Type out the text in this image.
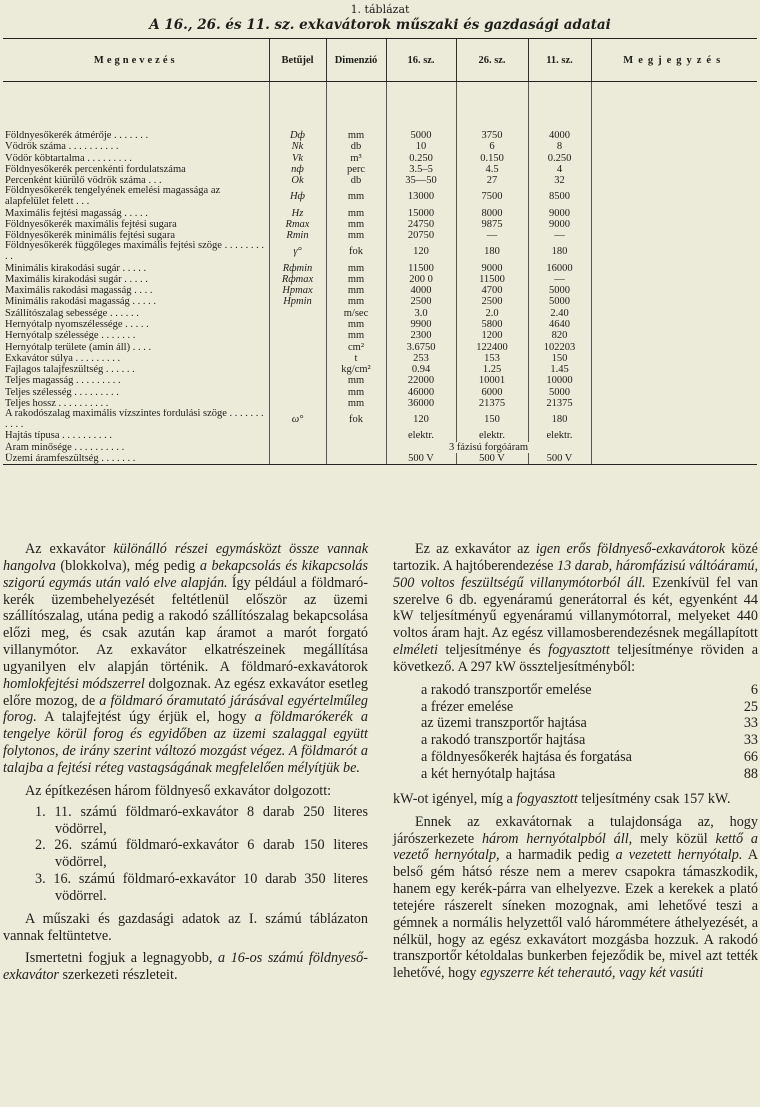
1. táblázat
A 16., 26. és 11. sz. exkavátorok műszaki és gazdasági adatai
Megnevezés	Betűjel	Dimenzió	16. sz.	26. sz.	11. sz.	Megjegyzés

Földnyesőkerék átmérője . . . . . . .	Dф	mm	5000	3750	4000	
Vödrök száma . . . . . . . . . .	Nk	db	10	6	8	
Vödör köbtartalma . . . . . . . . .	Vk	m³	0.250	0.150	0.250	
Földnyesőkerék percenkénti fordulatszáma	nф	perc	3.5–5	4.5	4	
Percenként kiürülő vödrök száma . . .	Ok	db	35—50	27	32	
Földnyesőkerék tengelyének emelési magassága az alapfelület felett . . .	Hф	mm	13000	7500	8500	
Maximális fejtési magasság . . . . .	Hz	mm	15000	8000	9000	
Földnyesőkerék maximális fejtési sugara	Rmax	mm	24750	9875	9000	
Földnyesőkerék minimális fejtési sugara	Rmin	mm	20750	—	—	
Földnyesőkerék függőleges maximális fejtési szöge . . . . . . . . . .	γ°	fok	120	180	180	
Minimális kirakodási sugár . . . . .	Rфmin	mm	11500	9000	16000	
Maximális kirakodási sugár . . . . .	Rфmax	mm	200 0	11500	—	
Maximális rakodási magasság . . . .	Hpmax	mm	4000	4700	5000	
Minimális rakodási magasság . . . . .	Hpmin	mm	2500	2500	5000	
Szállítószalag sebessége . . . . . .		m/sec	3.0	2.0	2.40	
Hernyótalp nyomszélessége . . . . .		mm	9900	5800	4640	
Hernyótalp szélessége . . . . . . .		mm	2300	1200	820	
Hernyótalp területe (amin áll) . . . .		cm²	3.6750	122400	102203	
Exkavátor súlya . . . . . . . . .		t	253	153	150	
Fajlagos talajfeszültség . . . . . .		kg/cm²	0.94	1.25	1.45	
Teljes magasság . . . . . . . . .		mm	22000	10001	10000	
Teljes szélesség . . . . . . . . .		mm	46000	6000	5000	
Teljes hossz . . . . . . . . . .		mm	36000	21375	21375	
A rakodószalag maximális vízszintes fordulási szöge . . . . . . . . . . .	ω°	fok	120	150	180	
Hajtás típusa . . . . . . . . . .			elektr.	elektr.	elektr.	
Áram minősége . . . . . . . . . .			3 fázisú forgóáram			
Üzemi áramfeszültség . . . . . . .			500 V	500 V	500 V	

Az exkavátor különálló részei egymásközt össze vannak hangolva (blokkolva), még pedig a bekapcsolás és kikapcsolás szigorú egymás után való elve alapján. Így például a földmaró-kerék üzembehelyezését feltétlenül először az üzemi szállítószalag, utána pedig a rakodó szállítószalag bekapcsolása előzi meg, és csak azután kap áramot a marót forgató villanymótor. Az exkavátor elkatrészeinek megállítása ugyanilyen elv alapján történik. A földmaró-exkavátorok homlokfejtési módszerrel dolgoznak. Az egész exkavátor esetleg előre mozog, de a földmaró óramutató járásával egyértelműleg forog. A talajfejtést úgy érjük el, hogy a földmarókerék a tengelye körül forog és egyidőben az üzemi szalaggal együtt folytonos, de irány szerint változó mozgást végez. A földmarót a talajba a fejtési réteg vastagságának megfelelően mélyítjük be.

Az építkezésen három földnyeső exkavátor dolgozott:

1. 11. számú földmaró-exkavátor 8 darab 250 literes vödörrel,
2. 26. számú földmaró-exkavátor 6 darab 150 literes vödörrel,
3. 16. számú földmaró-exkavátor 10 darab 350 literes vödörrel.

A műszaki és gazdasági adatok az I. számú táblázaton vannak feltüntetve.

Ismertetni fogjuk a legnagyobb, a 16-os számú földnyeső-exkavátor szerkezeti részleteit.

Ez az exkavátor az igen erős földnyeső-exkavátorok közé tartozik. A hajtóberendezése 13 darab, háromfázisú váltóáramú, 500 voltos feszültségű villanymótorból áll. Ezenkívül fel van szerelve 6 db. egyenáramú generátorral és két, egyenként 44 kW teljesítményű egyenáramú villanymótorral, melyeket 440 voltos áram hajt. Az egész villamosberendezésnek megállapított elméleti teljesítménye és fogyasztott teljesítménye röviden a következő. A 297 kW összteljesítményből:

a rakodó transzportőr emelése	6
a frézer emelése	25
az üzemi transzportőr hajtása	33
a rakodó transzportőr hajtása	33
a földnyesőkerék hajtása és forgatása	66
a két hernyótalp hajtása	88

kW-ot igényel, míg a fogyasztott teljesítmény csak 157 kW.

Ennek az exkavátornak a tulajdonsága az, hogy járószerkezete három hernyótalpból áll, mely közül kettő a vezető hernyótalp, a harmadik pedig a vezetett hernyótalp. A belső gém hátsó része nem a merev csapokra támaszkodik, hanem egy kerék-párra van elhelyezve. Ezek a kerekek a plató tetejére rászerelt síneken mozognak, ami lehetővé teszi a gémnek a normális helyzettől való hárommétere áthelyezését, a nélkül, hogy az egész exkavátort mozgásba hozzuk. A rakodó transzportőr kétoldalas bunkerben fejeződik be, mivel azt tették lehetővé, hogy egyszerre két teherautó, vagy két vasúti
